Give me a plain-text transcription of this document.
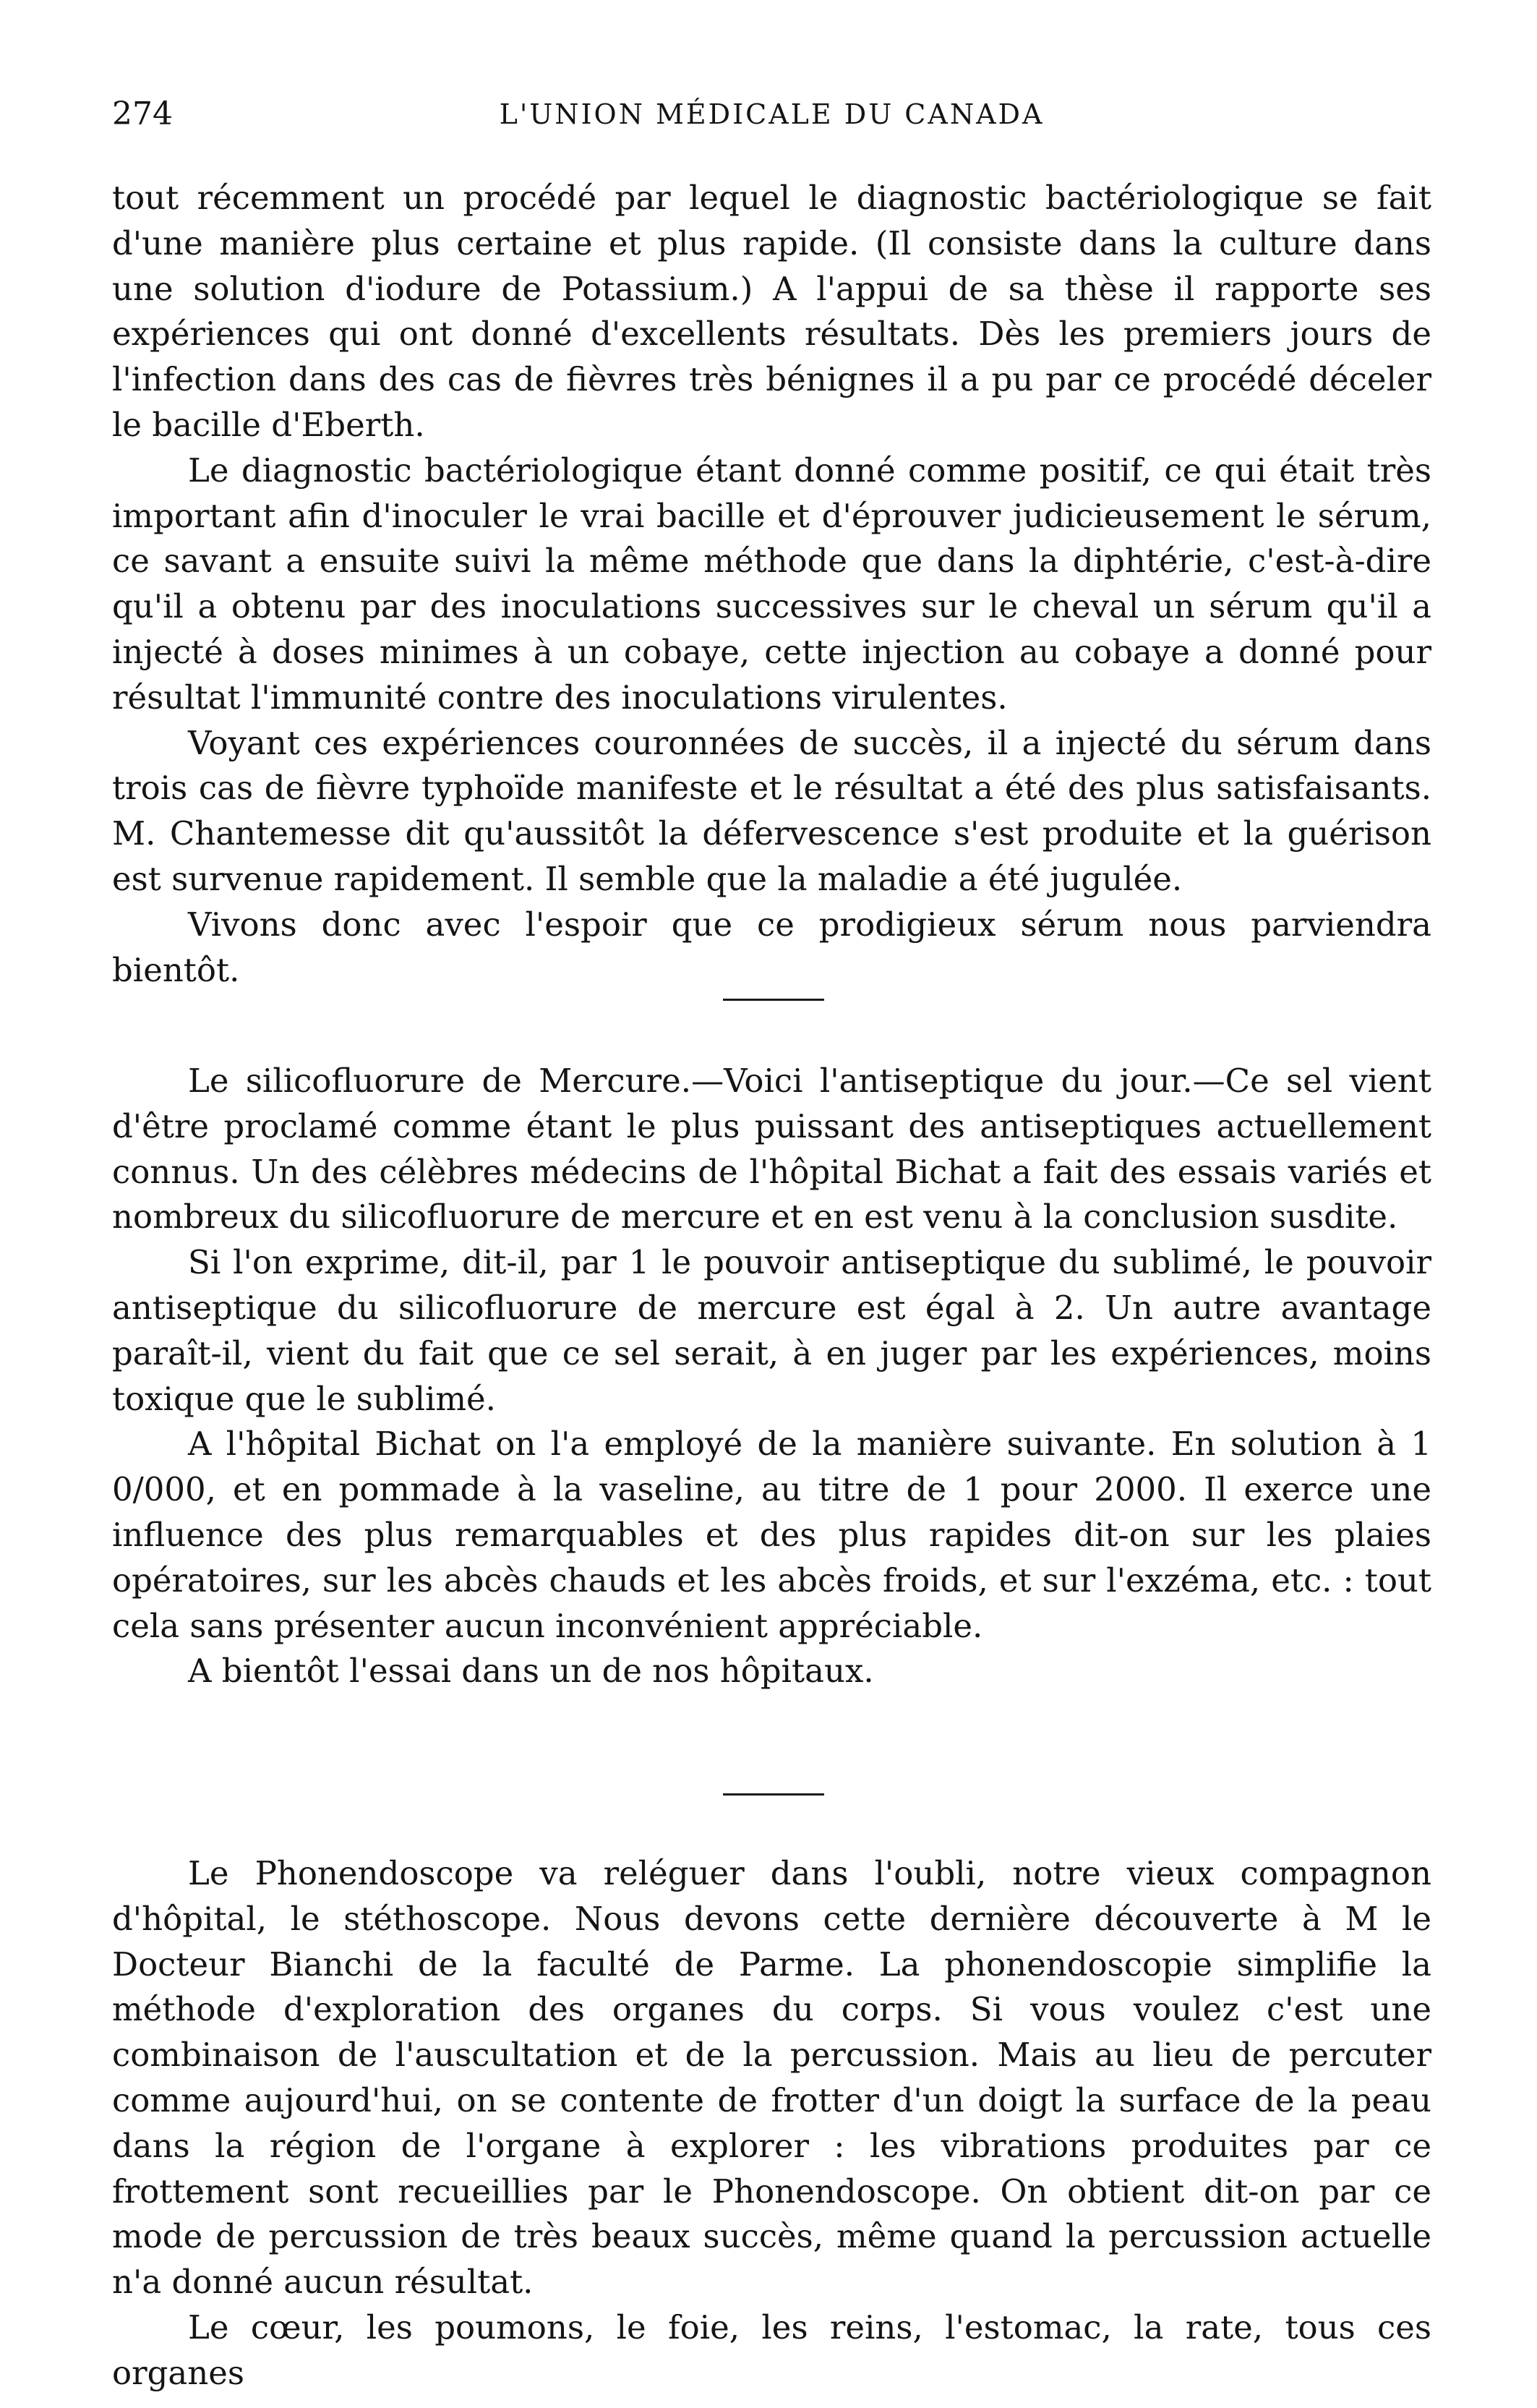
274	L'UNION MÉDICALE DU CANADA

tout récemment un procédé par lequel le diagnostic bactériologique se fait d'une manière plus certaine et plus rapide. (Il consiste dans la culture dans une solution d'iodure de Potassium.) A l'appui de sa thèse il rapporte ses expériences qui ont donné d'excellents résultats. Dès les premiers jours de l'infection dans des cas de fièvres très bénignes il a pu par ce procédé déceler le bacille d'Eberth.

Le diagnostic bactériologique étant donné comme positif, ce qui était très important afin d'inoculer le vrai bacille et d'éprouver judicieusement le sérum, ce savant a ensuite suivi la même méthode que dans la diphtérie, c'est-à-dire qu'il a obtenu par des inoculations successives sur le cheval un sérum qu'il a injecté à doses minimes à un cobaye, cette injection au cobaye a donné pour résultat l'immunité contre des inoculations virulentes.

Voyant ces expériences couronnées de succès, il a injecté du sérum dans trois cas de fièvre typhoïde manifeste et le résultat a été des plus satisfaisants. M. Chantemesse dit qu'aussitôt la défervescence s'est produite et la guérison est survenue rapidement. Il semble que la maladie a été jugulée.

Vivons donc avec l'espoir que ce prodigieux sérum nous parviendra bientôt.

Le silicofluorure de Mercure.—Voici l'antiseptique du jour.—Ce sel vient d'être proclamé comme étant le plus puissant des antiseptiques actuellement connus. Un des célèbres médecins de l'hôpital Bichat a fait des essais variés et nombreux du silicofluorure de mercure et en est venu à la conclusion susdite.

Si l'on exprime, dit-il, par 1 le pouvoir antiseptique du sublimé, le pouvoir antiseptique du silicofluorure de mercure est égal à 2. Un autre avantage paraît-il, vient du fait que ce sel serait, à en juger par les expériences, moins toxique que le sublimé.

A l'hôpital Bichat on l'a employé de la manière suivante. En solution à 1 0/000, et en pommade à la vaseline, au titre de 1 pour 2000. Il exerce une influence des plus remarquables et des plus rapides dit-on sur les plaies opératoires, sur les abcès chauds et les abcès froids, et sur l'exzéma, etc. : tout cela sans présenter aucun inconvénient appréciable.

A bientôt l'essai dans un de nos hôpitaux.

Le Phonendoscope va reléguer dans l'oubli, notre vieux compagnon d'hôpital, le stéthoscope. Nous devons cette dernière découverte à M le Docteur Bianchi de la faculté de Parme. La phonendoscopie simplifie la méthode d'exploration des organes du corps. Si vous voulez c'est une combinaison de l'auscultation et de la percussion. Mais au lieu de percuter comme aujourd'hui, on se contente de frotter d'un doigt la surface de la peau dans la région de l'organe à explorer : les vibrations produites par ce frottement sont recueillies par le Phonendoscope. On obtient dit-on par ce mode de percussion de très beaux succès, même quand la percussion actuelle n'a donné aucun résultat.

Le cœur, les poumons, le foie, les reins, l'estomac, la rate, tous ces organes
